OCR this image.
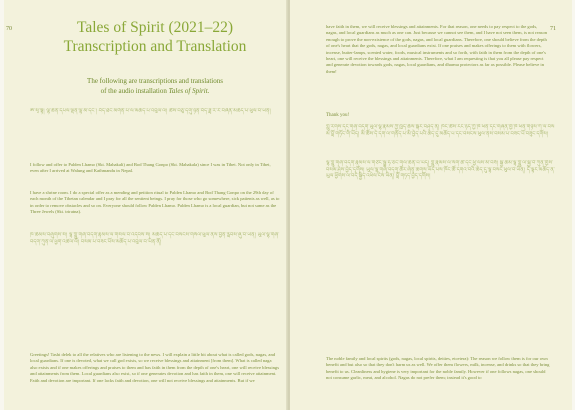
70	Tales of Spirit (2021–22)
Transcription and Translation
The following are transcriptions and translations
of the audio installation Tales of Spirit.
ༀ་སྭ་སྟི། ལྷ་ཆེན་དཔལ་ལྡན་ལྷ་མོ་དང་། བོད་ཐང་མགོན་པོ་ལ་མཆོད་པ་འབུལ་ལོ། ཚེས་བཅུ་དགུ་ཉིན་བོད་ཟླ་རེ་རེ་བཞིན་མཆོད་པ་ཕུལ་བ་ཡིན།
I follow and offer to Palden Lhamo (Skt. Mahakali) and Bod Thang Gonpo (Skt. Mahakala) since I was in Tibet. Not only in Tibet, even after I arrived at Walung and Kathmandu in Nepal.
I have a shrine room. I do a special offer as a mending and petition ritual to Palden Lhamo and Bod Thang Gonpo on the 29th day of each month of the Tibetan calendar and I pray for all the sentient beings. I pray for those who go somewhere, sick patients as well, as to in order to remove obstacles and so on. Everyone should follow Palden Lhamo. Palden Lhamo is a local guardian, but not same as the Three Jewels (Skt. triratna).
ཁ་ཆེམས་བཞུགས་སོ། ལྷ་ཀླུ་གཞི་བདག་རྣམས་ལ་གསོལ་བ་འདེབས་སོ། མཆོད་པ་དང་བསངས་གསོལ་ཕུལ་ནས་བྱིན་རླབས་ཞུ་བ་ཡིན། ཡུལ་ལྷ་གཞི་བདག་ཀུན་ལ་ཕྱག་འཚལ་ལོ། བསམ་པ་བཟང་པོས་མཆོད་པ་འབུལ་བ་ཡིན་ནོ།
Greetings! Tashi delek to all the relatives who are listening to the news. I will explain a little bit about what is called gods, nagas, and local guardians. If one is devoted, what we call god exists, so we receive blessings and attainment [from them]. What is called naga also exists and if one makes offerings and praises to them and has faith in them from the depth of one's heart, one will receive blessings and attainments from them. Local guardians also exist, so if one generates devotion and has faith in them, one will receive attainment. Faith and devotion are important. If one lacks faith and devotion, one will not receive blessings and attainments. But if we
71
have faith in them, we will receive blessings and attainments. For that reason, one needs to pay respect to the gods, nagas, and local guardians as much as one can. Just because we cannot see them, and I have not seen them, is not reason enough to prove the non-existence of the gods, nagas, and local guardians. Therefore, one should believe from the depth of one's heart that the gods, nagas, and local guardians exist. If one praises and makes offerings to them with flowers, incense, butter-lamps, scented water, foods, musical instruments and so forth, with faith in them from the depth of one's heart, one will receive the blessings and attainments. Therefore, what I am requesting is that you all please pay respect and generate devotion towards gods, nagas, local guardians, and dharma protectors as far as possible. Please believe in them!
Thank you!
ཀླུ་རིགས་དང་གཞི་བདག་ཡུལ་ལྷ་རྣམས་ཀྱི་ཁྱད་ཆོས་སྐོར་བཤད་ན། ཁོང་ཚོས་རང་ཉིད་ཀྱི་ཁེ་ཕན་དང་གཞན་གྱི་ཁེ་ཕན་གཉིས་ཀ་ལ་བསམ་བློ་གཏོང་གི་ཡོད། མི་ཚོས་དེ་དག་ལ་གནོད་པ་མི་བྱེད་པའི་ཆེད་དུ་མཆོད་པ་དང་བསངས་ཕུལ་ནས་བསམ་པ་བཟང་པོ་བཟུང་དགོས།
ལྷ་ཀླུ་གཞི་བདག་རྣམས་ལ་གཙང་སྦྲ་ཧ་ཅང་གལ་ཆེན་པོ་ཡོད། ཀླུ་རྣམས་ལ་སོག་ཚ་དང་ཕྱི་ལས་མི་བཟོ། སྐྱ་ཆེམ་ལྷ་ཀླུ་ལ་སྐྱེ་བོ་ཀུན་གྱིས་བསམ་ཤེས་བྱེད་དགོས། ཡུལ་ལྷ་གཞི་བདག་ཚོར་ཞེན་ཆགས་ཡོད་པས་ཁོང་ཚོ་དགའ་བའི་ཆེད་དུ་ལྷ་བསང་ཕུལ་བ་ཡིན། དེ་ལྟར་མཆོད་ན་ཡུལ་ཕྱོགས་ལ་བདེ་སྐྱིད་འཕེལ་ངེས་ཡིན། བློ་གཏད་བྱེད་དགོས།
The noble family and local spirits (gods, nagas, local spirits, deities, etcetera): The reason we follow them is for our own benefit and but also so that they don't harm us as well. We offer them flowers, milk, incense, and drinks so that they bring benefit to us. Cleanliness and hygiene is very important for the noble family. However if one follows nagas, one should not consume garlic, meat, and alcohol. Nagas do not prefer them; instead it's good to
